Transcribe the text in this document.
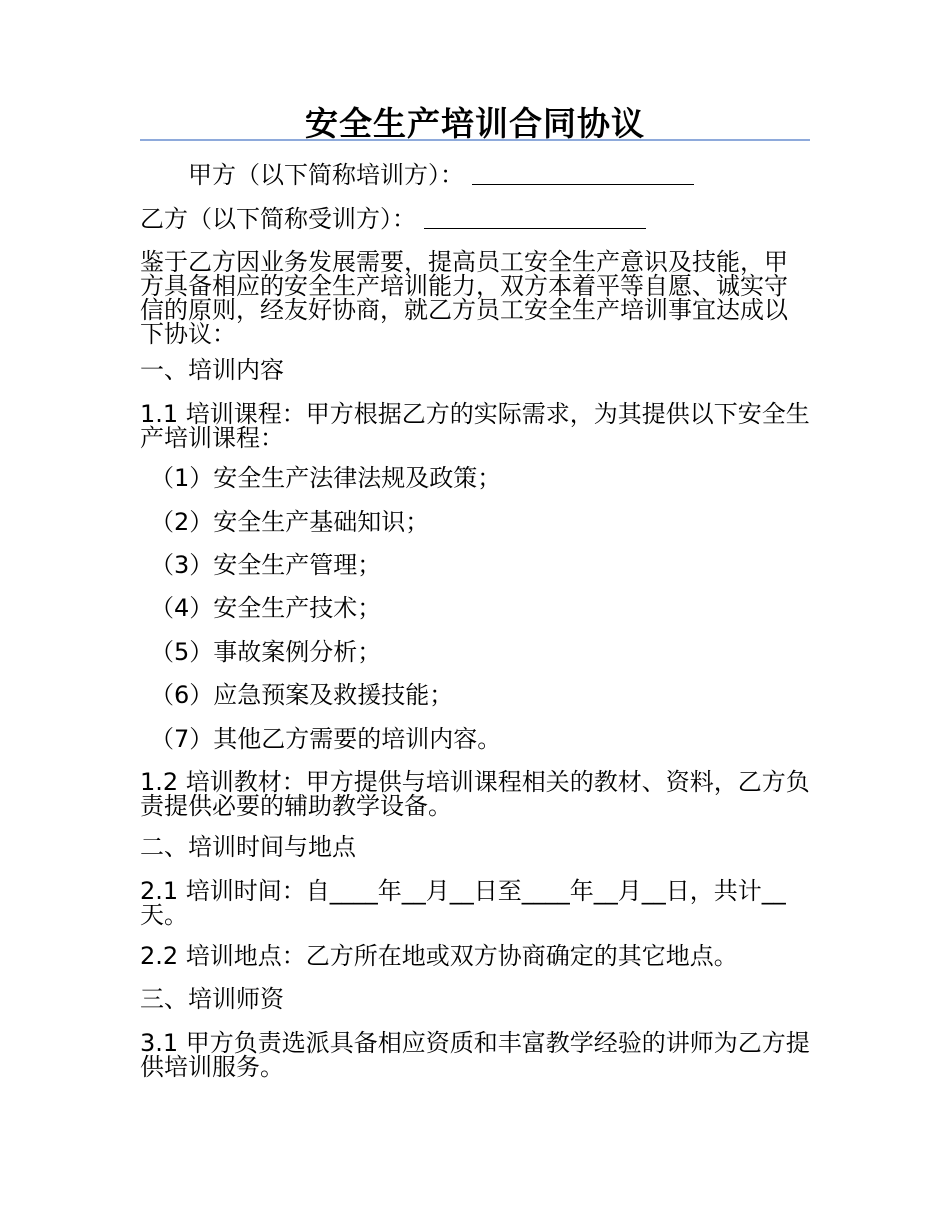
安全生产培训合同协议

甲方（以下简称培训方）：

乙方（以下简称受训方）：

鉴于乙方因业务发展需要，提高员工安全生产意识及技能，甲方具备相应的安全生产培训能力，双方本着平等自愿、诚实守信的原则，经友好协商，就乙方员工安全生产培训事宜达成以下协议：

一、培训内容

1.1 培训课程：甲方根据乙方的实际需求，为其提供以下安全生产培训课程：

（1）安全生产法律法规及政策；

（2）安全生产基础知识；

（3）安全生产管理；

（4）安全生产技术；

（5）事故案例分析；

（6）应急预案及救援技能；

（7）其他乙方需要的培训内容。

1.2 培训教材：甲方提供与培训课程相关的教材、资料，乙方负责提供必要的辅助教学设备。

二、培训时间与地点

2.1 培训时间：自____年__月__日至____年__月__日，共计__天。

2.2 培训地点：乙方所在地或双方协商确定的其它地点。

三、培训师资

3.1 甲方负责选派具备相应资质和丰富教学经验的讲师为乙方提供培训服务。
